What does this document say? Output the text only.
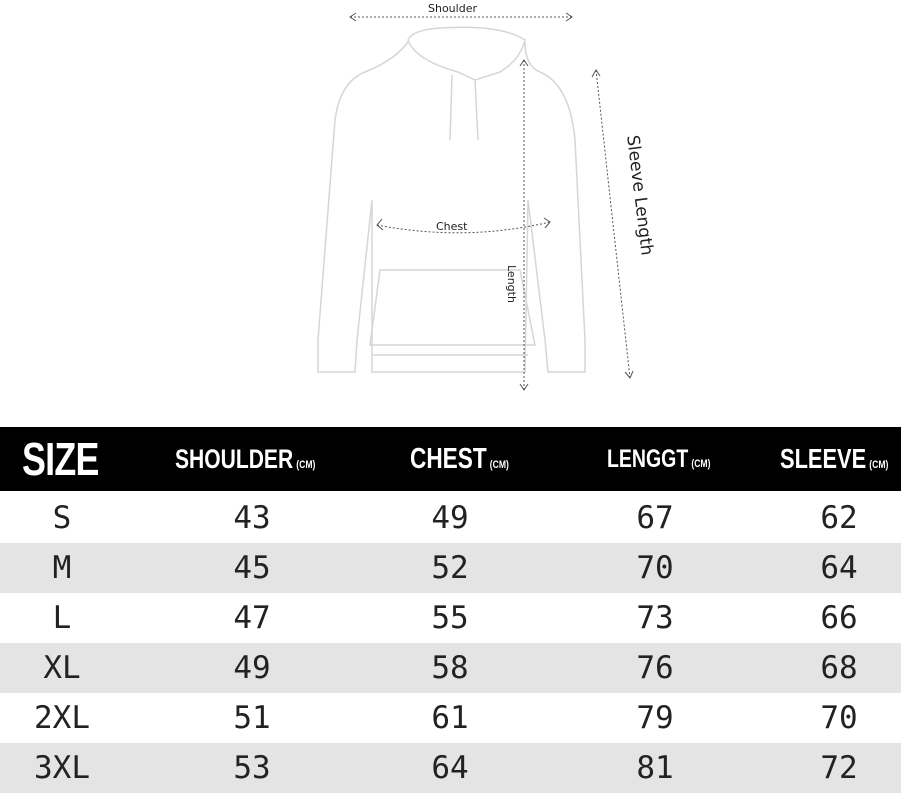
Shoulder
Chest
Length
Sleeve Length
SIZE	SHOULDER (CM)	CHEST (CM)	LENGGT (CM) SLEEVE (CM)
S	43	49	67	62
M	45	52	70	64
L	47	55	73	66
XL	49	58	76	68
2XL	51	61	79	70
3XL	53	64	81	72
